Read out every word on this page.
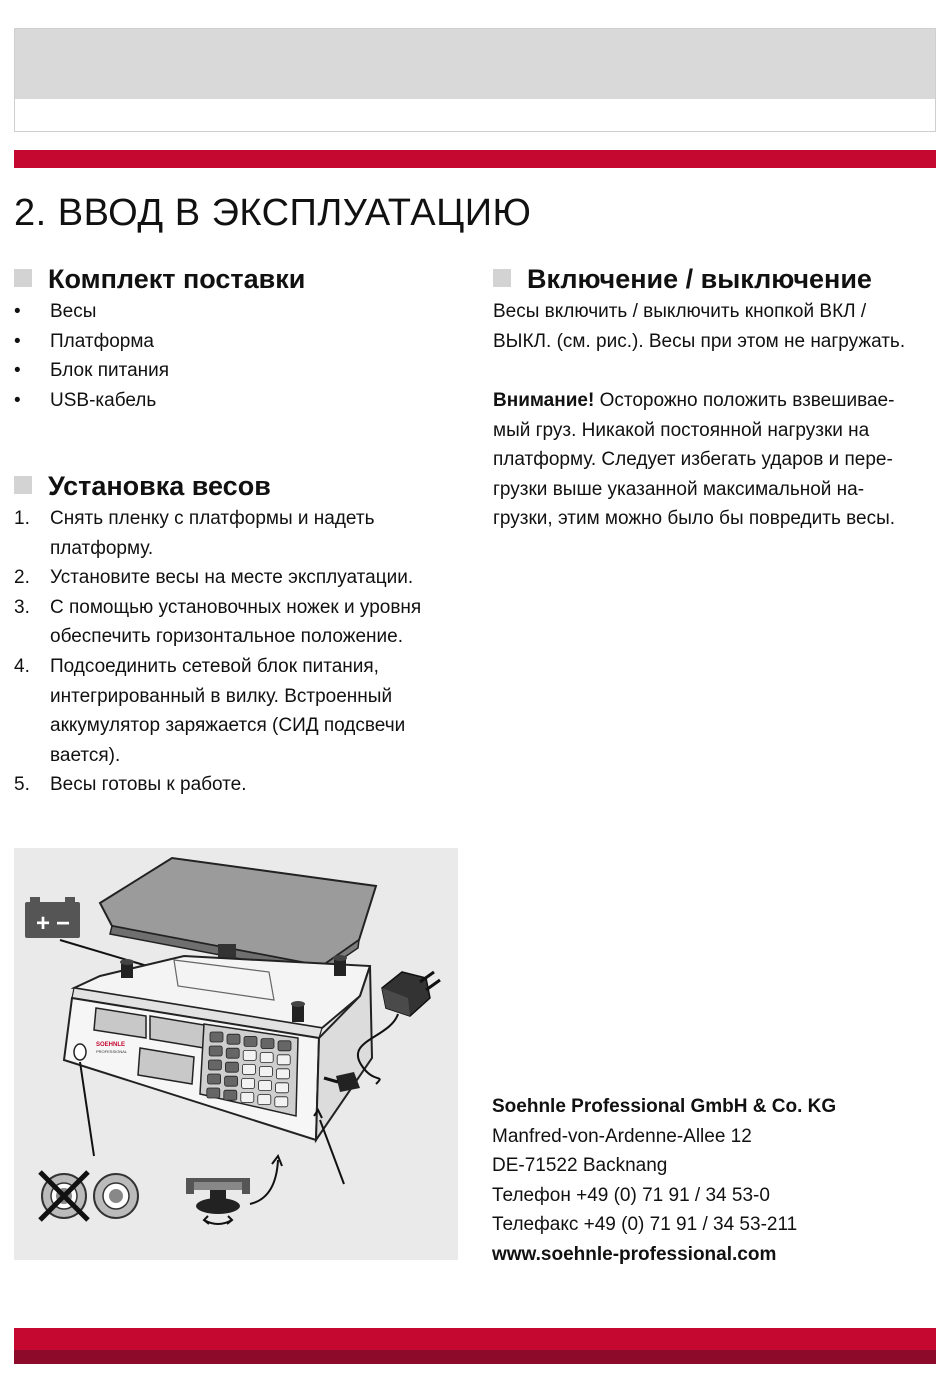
2. ВВОД В ЭКСПЛУАТАЦИЮ
Комплект поставки
• Весы
• Платформа
• Блок питания
• USB-кабель
Установка весов
1. Снять пленку с платформы и надеть
платформу.
2. Установите весы на месте эксплуатации.
3. С помощью установочных ножек и уровня
обеспечить горизонтальное положение.
4. Подсоединить сетевой блок питания,
интегрированный в вилку. Встроенный
аккумулятор заряжается (СИД подсвечи
вается).
5. Весы готовы к работе.
Включение / выключение

Весы включить / выключить кнопкой ВКЛ /
ВЫКЛ. (см. рис.). Весы при этом не нагружать.

Внимание! Осторожно положить взвешивае-
мый груз. Никакой постоянной нагрузки на
платформу. Следует избегать ударов и пере-
грузки выше указанной максимальной на-
грузки, этим можно было бы повредить весы.

+ −
SOEHNLE
PROFESSIONAL
Soehnle Professional GmbH & Co. KG
Manfred-von-Ardenne-Allee 12
DE-71522 Backnang
Телефон +49 (0) 71 91 / 34 53-0
Телефакс +49 (0) 71 91 / 34 53-211
www.soehnle-professional.com
